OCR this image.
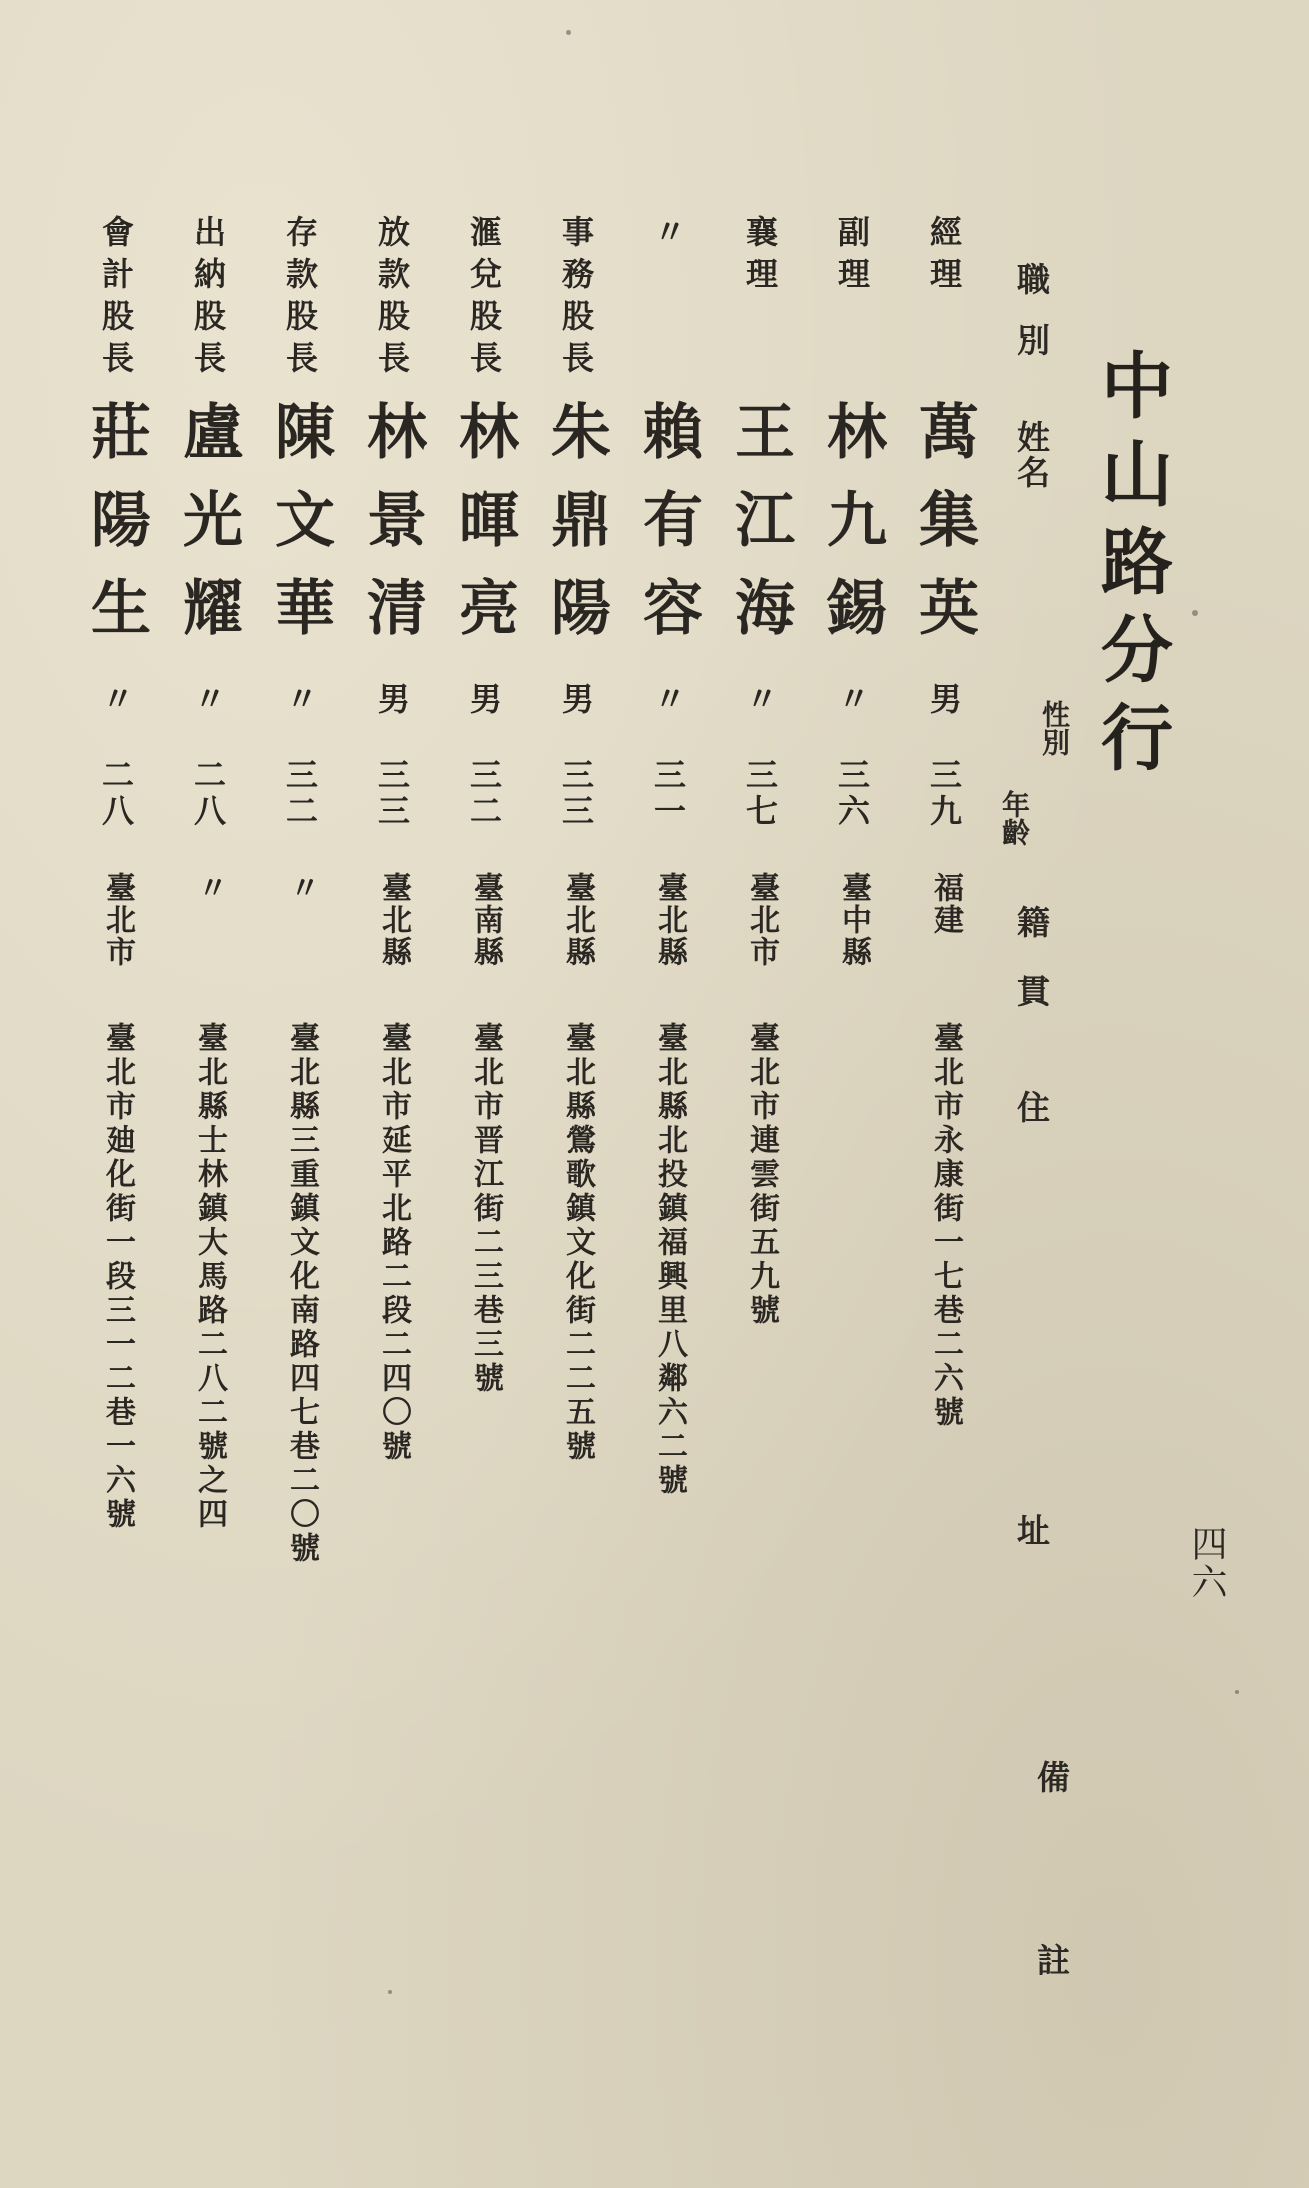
中山路分行
四六
職別
姓名
性別
年齡
籍貫
住址
備註
經理
萬集英
男
三九
福建
臺北市永康街一七巷二六號
副理
林九錫
〃
三六
臺中縣
襄理
王江海
〃
三七
臺北市
臺北市連雲街五九號
〃
賴有容
〃
三一
臺北縣
臺北縣北投鎮福興里八鄰六二號
事務股長
朱鼎陽
男
三三
臺北縣
臺北縣鶯歌鎮文化街二二五號
滙兌股長
林暉亮
男
三二
臺南縣
臺北市晋江街二三巷三號
放款股長
林景清
男
三三
臺北縣
臺北市延平北路二段二四〇號
存款股長
陳文華
〃
三二
〃
臺北縣三重鎮文化南路四七巷二〇號
出納股長
盧光耀
〃
二八
〃
臺北縣士林鎮大馬路二八二號之四
會計股長
莊陽生
〃
二八
臺北市
臺北市廸化街一段三一二巷一六號
